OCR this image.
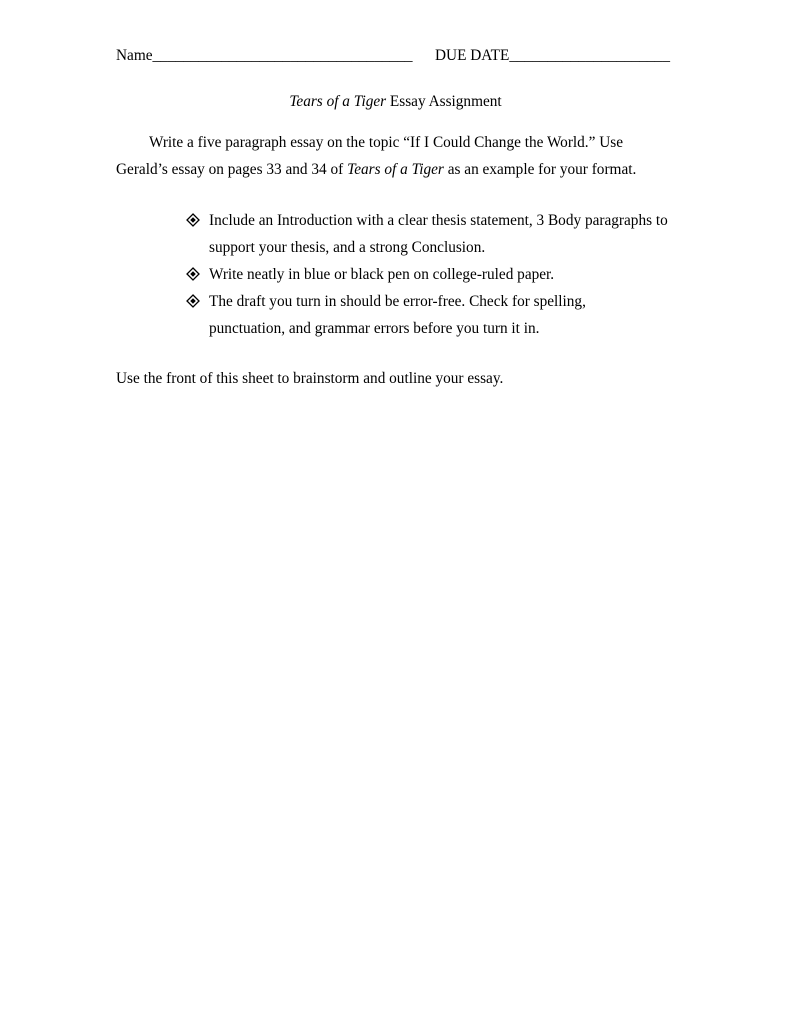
Name__________________________________ DUE DATE_____________________
Tears of a Tiger Essay Assignment
Write a five paragraph essay on the topic “If I Could Change the World.” Use
Gerald’s essay on pages 33 and 34 of Tears of a Tiger as an example for your format.
Include an Introduction with a clear thesis statement, 3 Body paragraphs to
support your thesis, and a strong Conclusion.
Write neatly in blue or black pen on college-ruled paper.
The draft you turn in should be error-free. Check for spelling,
punctuation, and grammar errors before you turn it in.
Use the front of this sheet to brainstorm and outline your essay.
